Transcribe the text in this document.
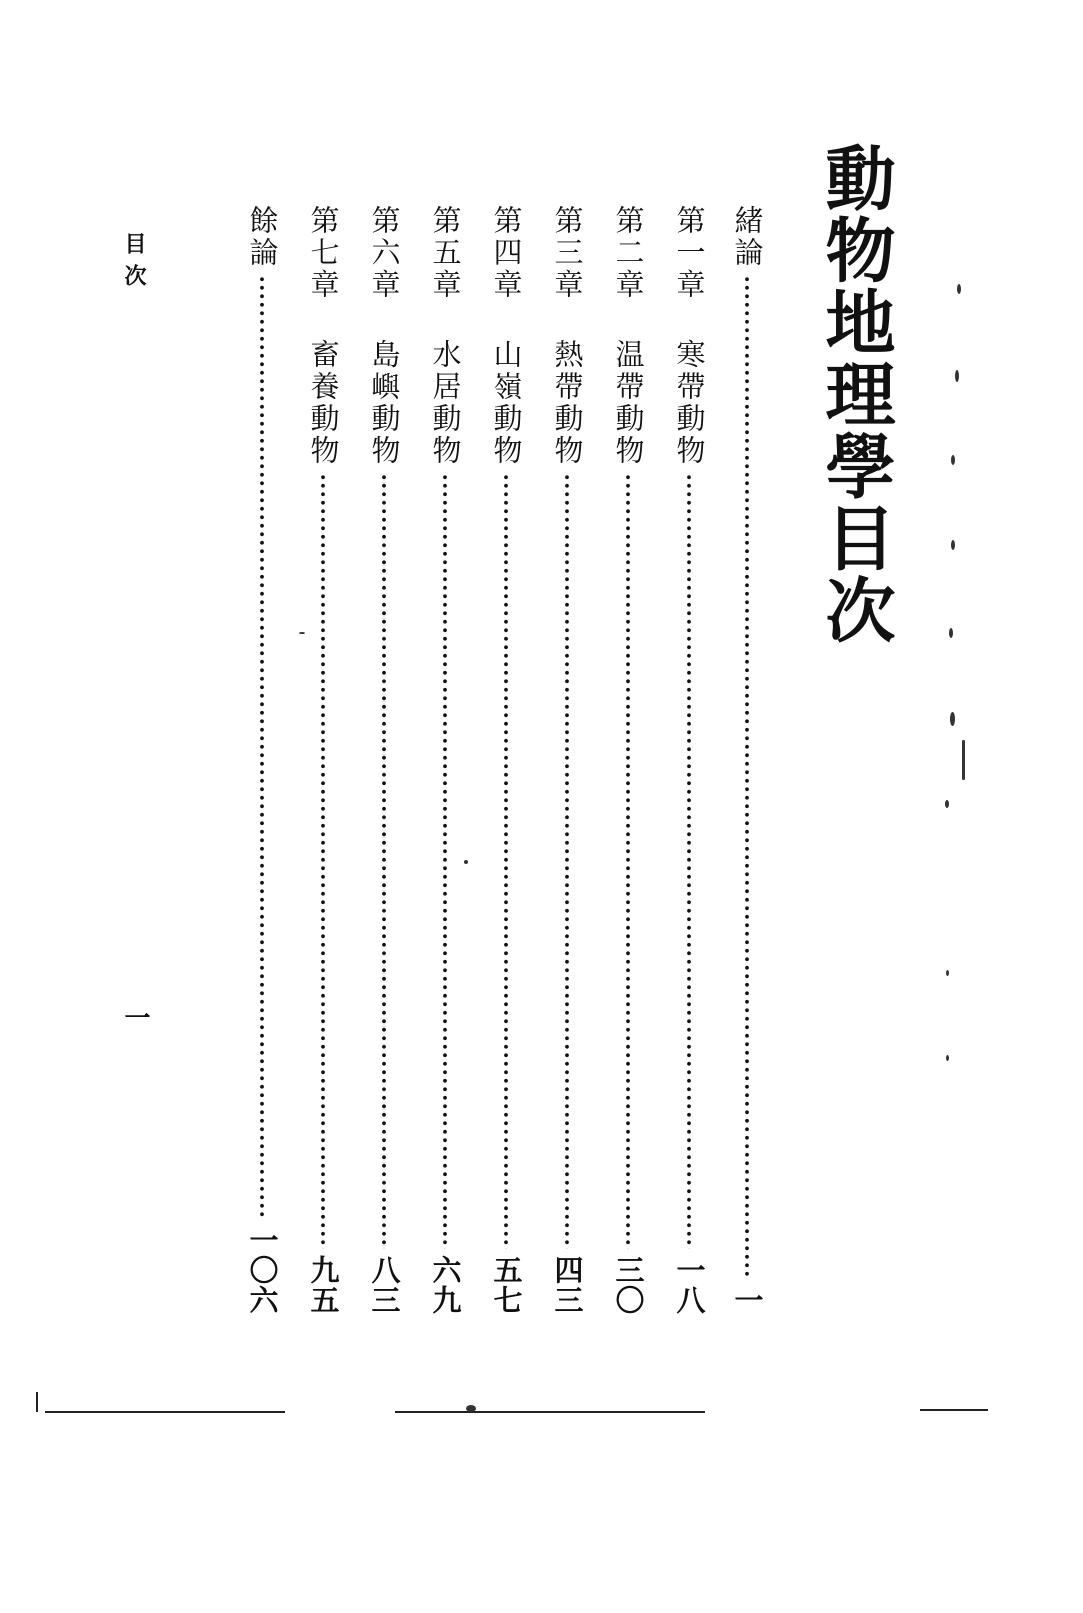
動物地理學目次
緒論
一
第一章
寒帶動物
一八
第二章
温帶動物
三〇
第三章
熱帶動物
四三
第四章
山嶺動物
五七
第五章
水居動物
六九
第六章
島嶼動物
八三
第七章
畜養動物
九五
餘論
一〇六
目次
一
